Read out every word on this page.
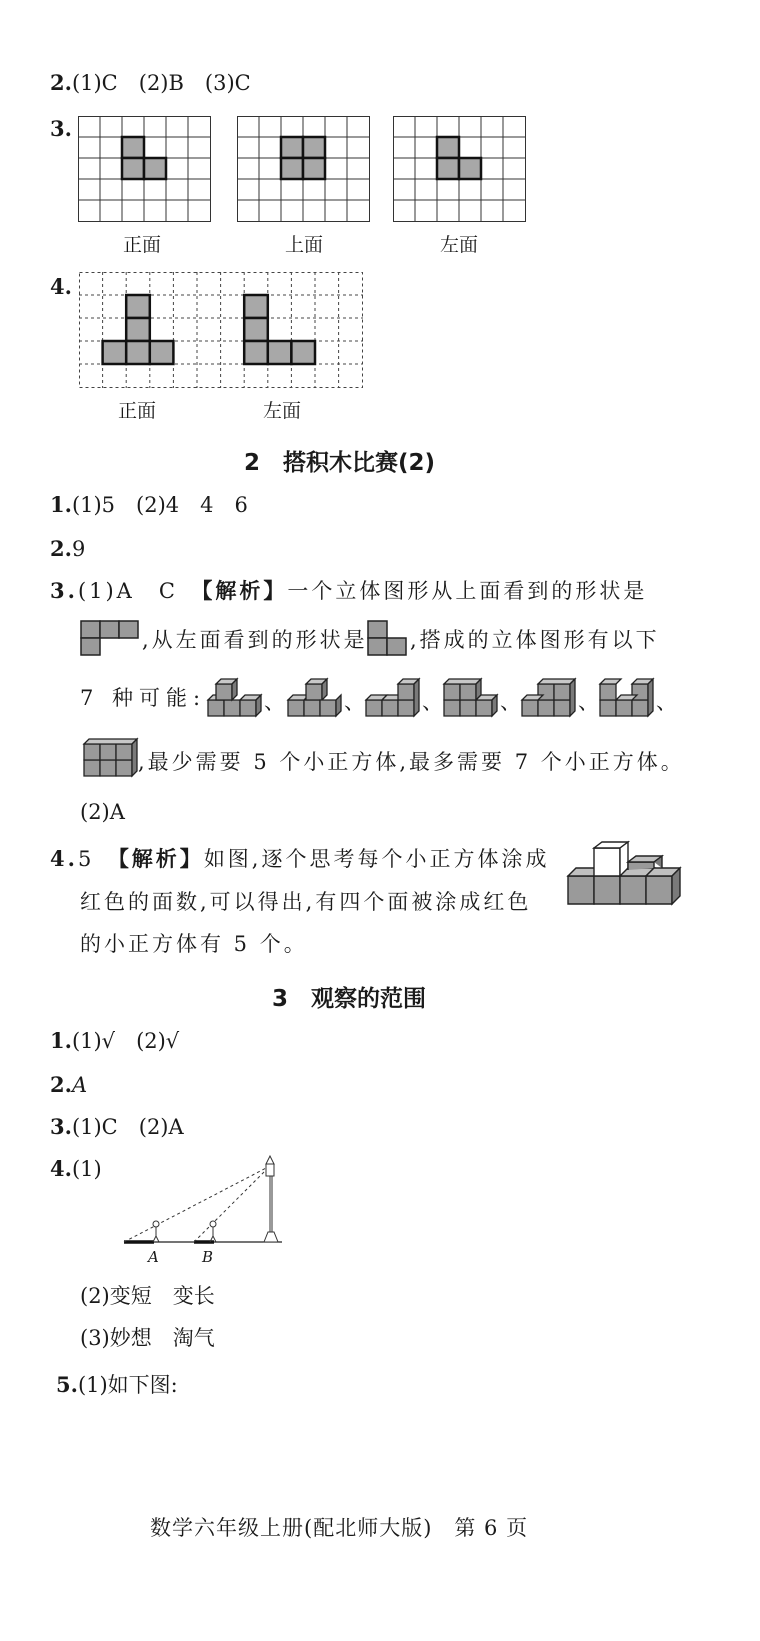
2.(1)C　(2)B　(3)C
3.
正面	上面	左面
4.
正面	左面
2　搭积木比赛(2)
1.(1)5　(2)4　4　6
2.9
3.(1)A　C　 【解析】一个立体图形从上面看到的形状是
,从左面看到的形状是 ,搭成的立体图形有以下
7 种可能:	、	、	、	、	、	、
,最少需要 5 个小正方体,最多需要 7 个小正方体。
(2)A
4.5　 【解析】如图,逐个思考每个小正方体涂成
红色的面数,可以得出,有四个面被涂成红色
的小正方体有 5 个。
3　观察的范围
1.(1)√　(2)√
2.A
3.(1)C　(2)A
4.(1)
A	B
(2)变短　变长
(3)妙想　淘气
5.(1)如下图:
数学六年级上册(配北师大版)　第 6 页
